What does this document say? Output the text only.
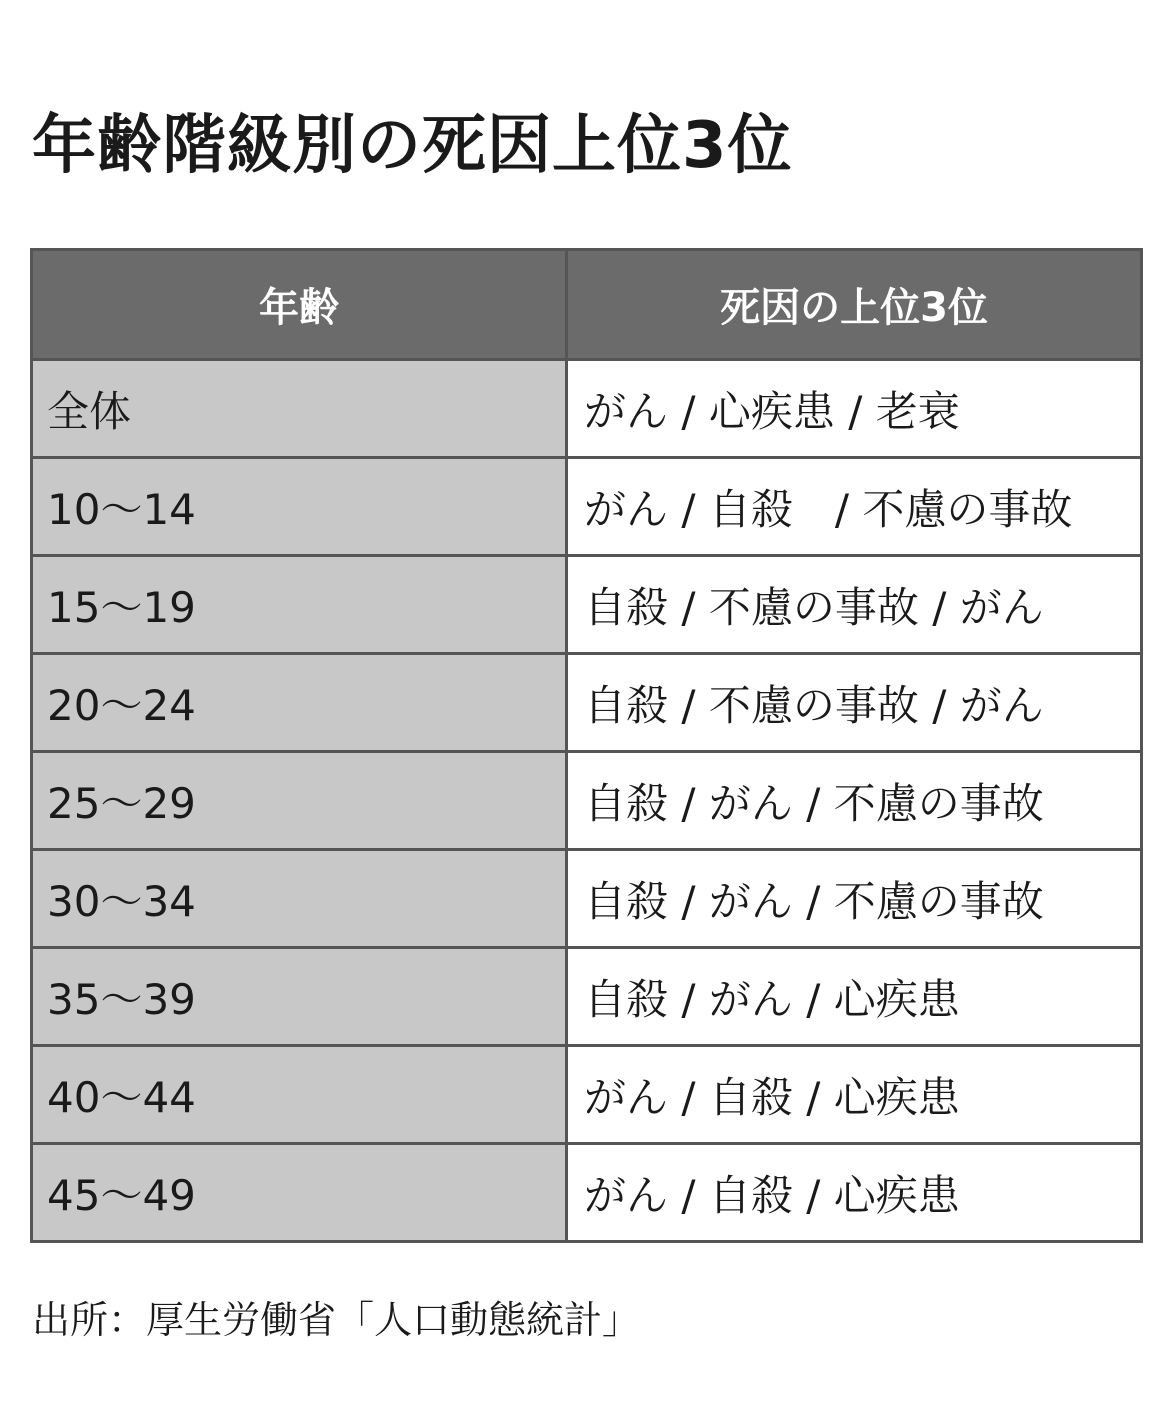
年齢階級別の死因上位3位
年齢	死因の上位3位
全体	がん / 心疾患 / 老衰
10〜14	がん / 自殺　/ 不慮の事故
15〜19	自殺 / 不慮の事故 / がん
20〜24	自殺 / 不慮の事故 / がん
25〜29	自殺 / がん / 不慮の事故
30〜34	自殺 / がん / 不慮の事故
35〜39	自殺 / がん / 心疾患
40〜44	がん / 自殺 / 心疾患
45〜49	がん / 自殺 / 心疾患

出所：厚生労働省「人口動態統計」
